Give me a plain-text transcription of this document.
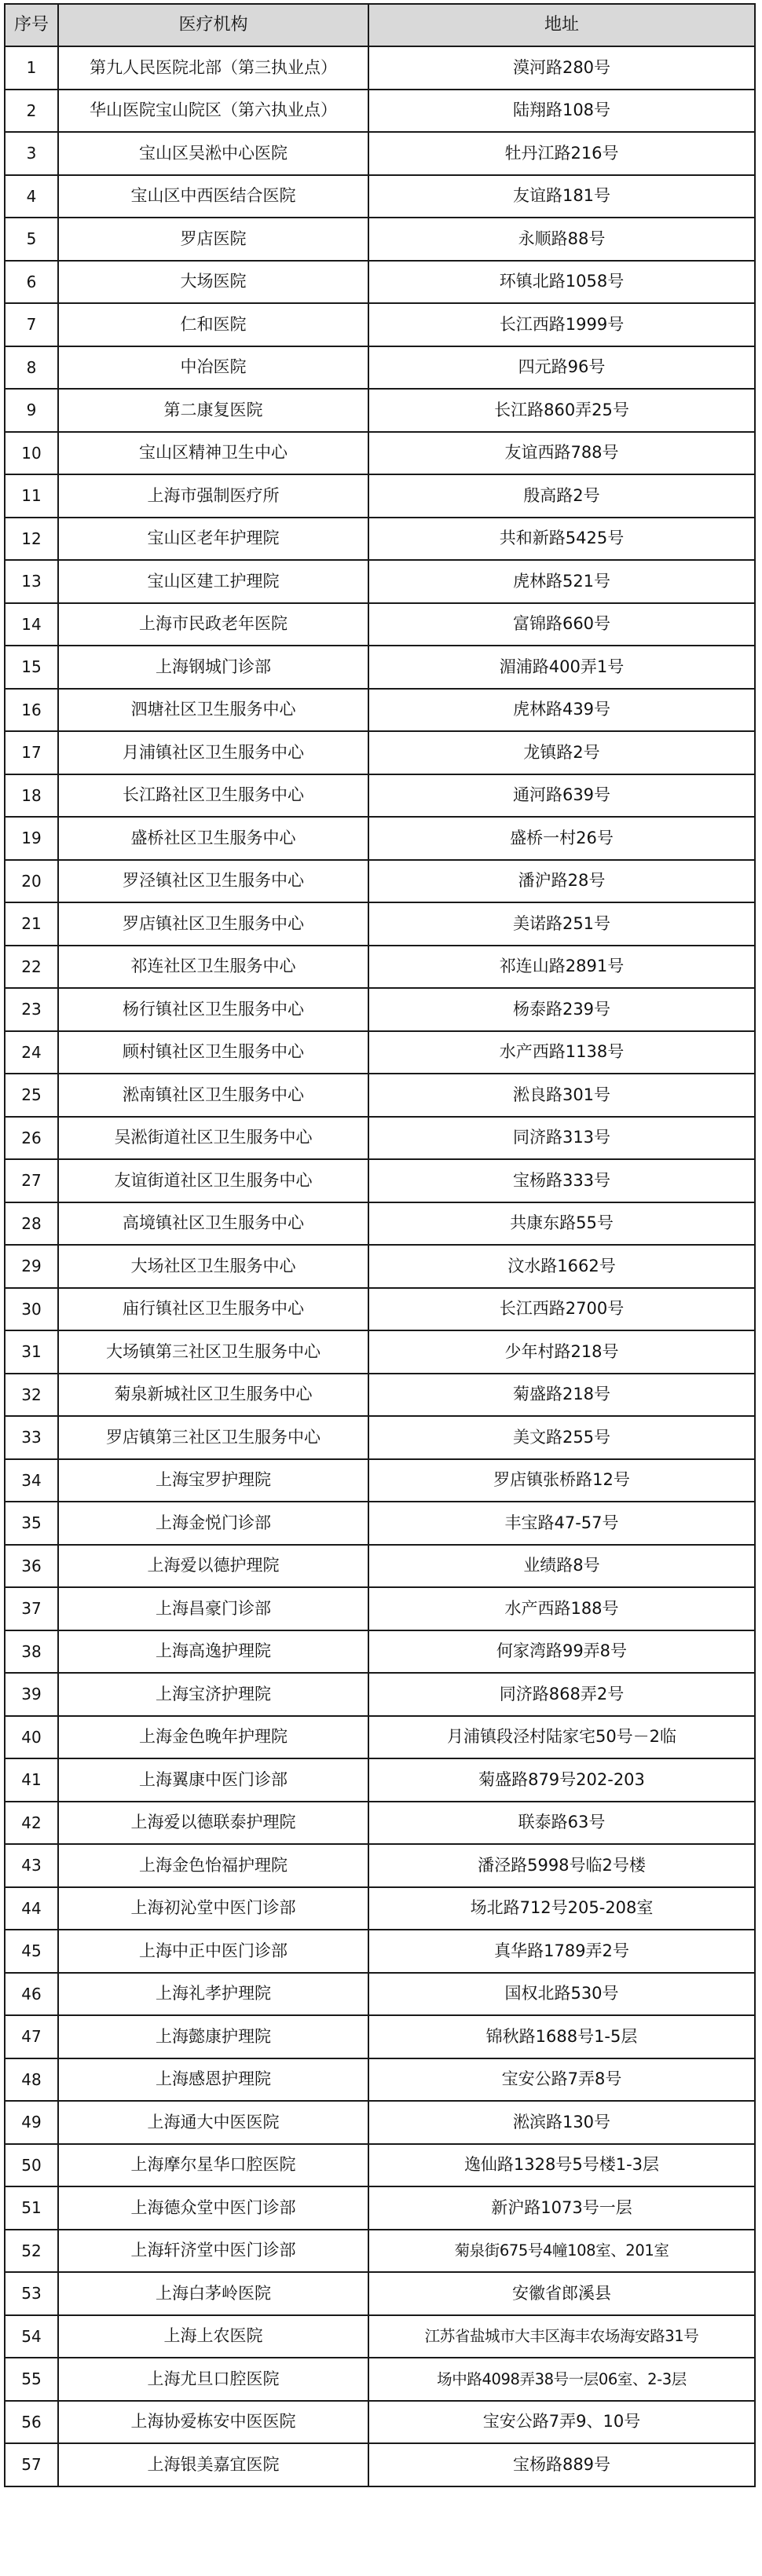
序号	医疗机构	地址
1	第九人民医院北部（第三执业点）	漠河路280号
2	华山医院宝山院区（第六执业点）	陆翔路108号
3	宝山区吴淞中心医院	牡丹江路216号
4	宝山区中西医结合医院	友谊路181号
5	罗店医院	永顺路88号
6	大场医院	环镇北路1058号
7	仁和医院	长江西路1999号
8	中冶医院	四元路96号
9	第二康复医院	长江路860弄25号
10	宝山区精神卫生中心	友谊西路788号
11	上海市强制医疗所	殷高路2号
12	宝山区老年护理院	共和新路5425号
13	宝山区建工护理院	虎林路521号
14	上海市民政老年医院	富锦路660号
15	上海钢城门诊部	湄浦路400弄1号
16	泗塘社区卫生服务中心	虎林路439号
17	月浦镇社区卫生服务中心	龙镇路2号
18	长江路社区卫生服务中心	通河路639号
19	盛桥社区卫生服务中心	盛桥一村26号
20	罗泾镇社区卫生服务中心	潘沪路28号
21	罗店镇社区卫生服务中心	美诺路251号
22	祁连社区卫生服务中心	祁连山路2891号
23	杨行镇社区卫生服务中心	杨泰路239号
24	顾村镇社区卫生服务中心	水产西路1138号
25	淞南镇社区卫生服务中心	淞良路301号
26	吴淞街道社区卫生服务中心	同济路313号
27	友谊街道社区卫生服务中心	宝杨路333号
28	高境镇社区卫生服务中心	共康东路55号
29	大场社区卫生服务中心	汶水路1662号
30	庙行镇社区卫生服务中心	长江西路2700号
31	大场镇第三社区卫生服务中心	少年村路218号
32	菊泉新城社区卫生服务中心	菊盛路218号
33	罗店镇第三社区卫生服务中心	美文路255号
34	上海宝罗护理院	罗店镇张桥路12号
35	上海金悦门诊部	丰宝路47-57号
36	上海爱以德护理院	业绩路8号
37	上海昌豪门诊部	水产西路188号
38	上海高逸护理院	何家湾路99弄8号
39	上海宝济护理院	同济路868弄2号
40	上海金色晚年护理院	月浦镇段泾村陆家宅50号－2临
41	上海翼康中医门诊部	菊盛路879号202-203
42	上海爱以德联泰护理院	联泰路63号
43	上海金色怡福护理院	潘泾路5998号临2号楼
44	上海初沁堂中医门诊部	场北路712号205-208室
45	上海中正中医门诊部	真华路1789弄2号
46	上海礼孝护理院	国权北路530号
47	上海懿康护理院	锦秋路1688号1-5层
48	上海感恩护理院	宝安公路7弄8号
49	上海通大中医医院	淞滨路130号
50	上海摩尔星华口腔医院	逸仙路1328号5号楼1-3层
51	上海德众堂中医门诊部	新沪路1073号一层
52	上海轩济堂中医门诊部	菊泉街675号4幢108室、201室
53	上海白茅岭医院	安徽省郎溪县
54	上海上农医院	江苏省盐城市大丰区海丰农场海安路31号
55	上海尤旦口腔医院	场中路4098弄38号一层06室、2-3层
56	上海协爱栋安中医医院	宝安公路7弄9、10号
57	上海银美嘉宜医院	宝杨路889号
